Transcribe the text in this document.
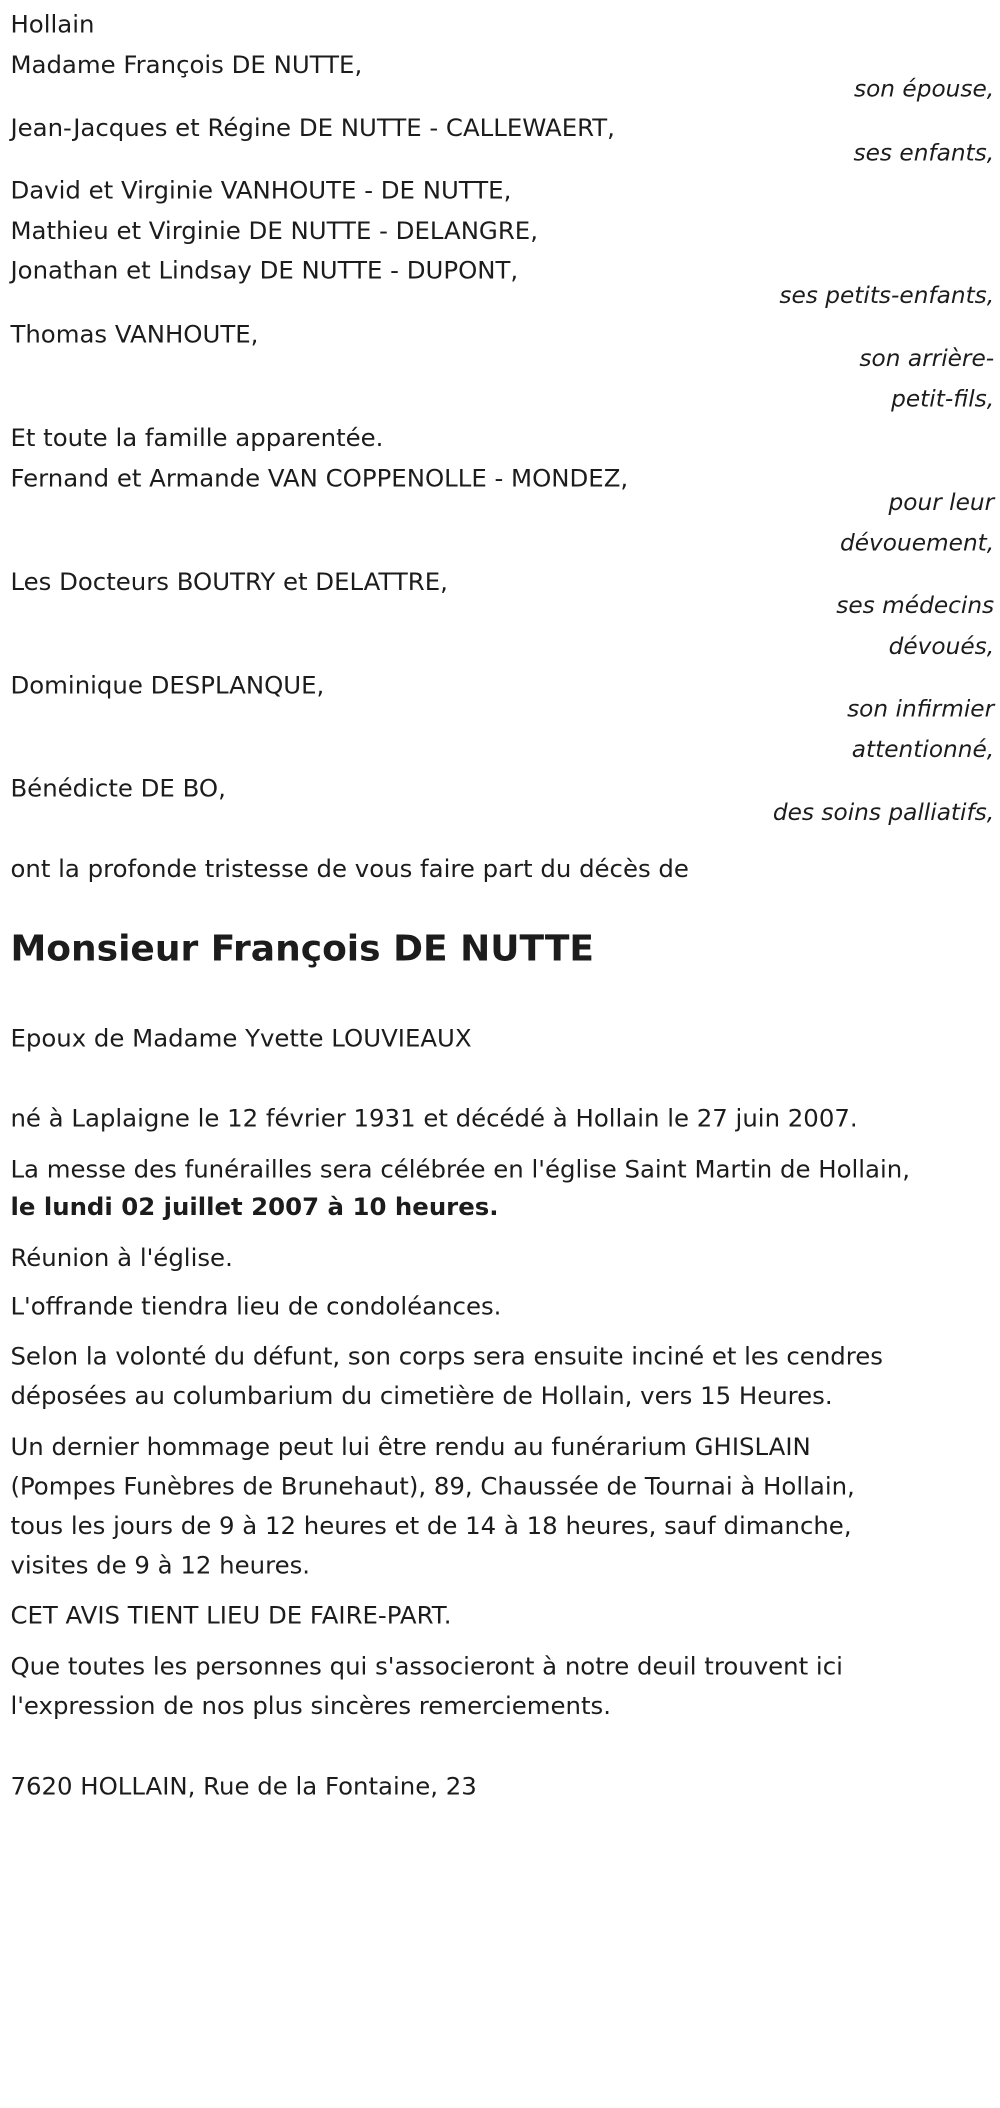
Hollain
Madame François DE NUTTE,
son épouse,
Jean-Jacques et Régine DE NUTTE - CALLEWAERT,
ses enfants,
David et Virginie VANHOUTE - DE NUTTE,
Mathieu et Virginie DE NUTTE - DELANGRE,
Jonathan et Lindsay DE NUTTE - DUPONT,
ses petits-enfants,
Thomas VANHOUTE,
son arrière-
petit-fils,
Et toute la famille apparentée.
Fernand et Armande VAN COPPENOLLE - MONDEZ,
pour leur
dévouement,
Les Docteurs BOUTRY et DELATTRE,
ses médecins
dévoués,
Dominique DESPLANQUE,
son infirmier
attentionné,
Bénédicte DE BO,
des soins palliatifs,
ont la profonde tristesse de vous faire part du décès de
Monsieur François DE NUTTE
Epoux de Madame Yvette LOUVIEAUX
né à Laplaigne le 12 février 1931 et décédé à Hollain le 27 juin 2007.
La messe des funérailles sera célébrée en l'église Saint Martin de Hollain,
le lundi 02 juillet 2007 à 10 heures.
Réunion à l'église.
L'offrande tiendra lieu de condoléances.
Selon la volonté du défunt, son corps sera ensuite inciné et les cendres
déposées au columbarium du cimetière de Hollain, vers 15 Heures.
Un dernier hommage peut lui être rendu au funérarium GHISLAIN
(Pompes Funèbres de Brunehaut), 89, Chaussée de Tournai à Hollain,
tous les jours de 9 à 12 heures et de 14 à 18 heures, sauf dimanche,
visites de 9 à 12 heures.
CET AVIS TIENT LIEU DE FAIRE-PART.
Que toutes les personnes qui s'associeront à notre deuil trouvent ici
l'expression de nos plus sincères remerciements.
7620 HOLLAIN, Rue de la Fontaine, 23
